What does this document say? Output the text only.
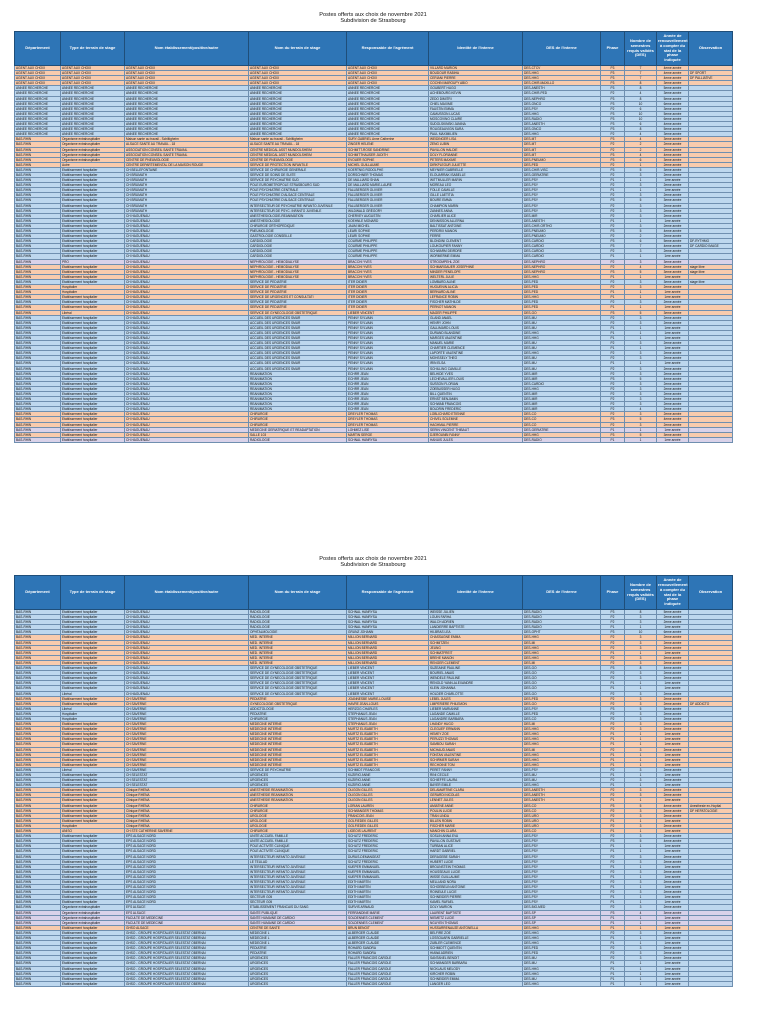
Postes offerts aux choix de novembre 2021
Subdivision de Strasbourg
Département	Type de terrain de stage	Nom établissement/positive/autre	Nom du terrain de stage	Responsable de l'agrément	Identité de l'interne	DES de l'interne	Phase	Nombre de semestres requis validés (DES)	Année de renouvellement à compter du stat de la phase indiquée	Observation
AGENT AUX CHOIX	AGENT AUX CHOIX	AGENT AUX CHOIX	AGENT AUX CHOIX	AGENT AUX CHOIX	VILLARD MARION	DES-CTCV	P3	7	4eme année	
AGENT AUX CHOIX	AGENT AUX CHOIX	AGENT AUX CHOIX	AGENT AUX CHOIX	AGENT AUX CHOIX	BOUDOUR RABIHA	DES-HHG	P3	7	4eme année	DF SPORT
AGENT AUX CHOIX	AGENT AUX CHOIX	AGENT AUX CHOIX	AGENT AUX CHOIX	AGENT AUX CHOIX	CERIANI PIERRE	DES-HHG	P3	7	4eme année	DF PALLIATIVE
AGENT AUX CHOIX	AGENT AUX CHOIX	AGENT AUX CHOIX	AGENT AUX CHOIX	AGENT AUX CHOIX	COCHIN MAROUFY ABIO	DES-CHIR-MAXILLO	P3	8	3eme année	
ANNEE RECHERCHE	ANNEE RECHERCHE	ANNEE RECHERCHE	ANNEE RECHERCHE	ANNEE RECHERCHE	GOUBERT HUGO	DES-ANESTH	P3	8	5eme année	
ANNEE RECHERCHE	ANNEE RECHERCHE	ANNEE RECHERCHE	ANNEE RECHERCHE	ANNEE RECHERCHE	ACHEBOURG KEVIN	DES-CHIR-PED	P2	4	3eme année	
ANNEE RECHERCHE	ANNEE RECHERCHE	ANNEE RECHERCHE	ANNEE RECHERCHE	ANNEE RECHERCHE	ZEDO DIMITRI	DES-NEPHRO	P3	8	5eme année	
ANNEE RECHERCHE	ANNEE RECHERCHE	ANNEE RECHERCHE	ANNEE RECHERCHE	ANNEE RECHERCHE	CHIEL MAXIME	DES-ONCO	P3	10	6eme année	
ANNEE RECHERCHE	ANNEE RECHERCHE	ANNEE RECHERCHE	ANNEE RECHERCHE	ANNEE RECHERCHE	FAUSTIN EMMA	DES-PSY	P2	6	3eme année	
ANNEE RECHERCHE	ANNEE RECHERCHE	ANNEE RECHERCHE	ANNEE RECHERCHE	ANNEE RECHERCHE	CAMUSSON LUCAS	DES-HHG	P3	10	5eme année	
ANNEE RECHERCHE	ANNEE RECHERCHE	ANNEE RECHERCHE	ANNEE RECHERCHE	ANNEE RECHERCHE	MOSCOVINO CLAIRE	DES-RADIO	P3	10	6eme année	
ANNEE RECHERCHE	ANNEE RECHERCHE	ANNEE RECHERCHE	ANNEE RECHERCHE	ANNEE RECHERCHE	SUDOLSKINSKI JANINA	DES-ANESTH	P3	6	4eme année	
ANNEE RECHERCHE	ANNEE RECHERCHE	ANNEE RECHERCHE	ANNEE RECHERCHE	ANNEE RECHERCHE	ROUGEAUVIGN SARA	DES-ONCO	P3	8	5eme année	
ANNEE RECHERCHE	ANNEE RECHERCHE	ANNEE RECHERCHE	ANNEE RECHERCHE	ANNEE RECHERCHE	PAUL MAXIMILIEN	DES-HHG	P2	4	3eme année	
BAS-RHIN	Organisme extrahospitalier	Maison sante au travail - Schiltigheim	Maison sante au travail - Schiltigheim	SURY-GABRIEL Anne Catherine	WEIDINGER LISA	DES-MT	P3	4	3eme année	
BAS-RHIN	Organisme extrahospitalier	ALSACE SANTE AU TRAVAIL - 18	ALSACE SANTE AU TRAVAIL - 18	ZINGER HELENE	ZENG LUBIN	DES-MT	P2	2	2eme année	
BAS-RHIN	Organisme extrahospitalier	ASSOCIATION CONSEIL SANTE TRAVAIL	CENTRE MEDICAL ASST MUNDOLSHEIM	SCHMITT-ROSE SANDRINE	PAVILLON HALDIE	DES-MT	P2	2	2eme année	
BAS-RHIN	Organisme extrahospitalier	ASSOCIATION CONSEIL SANTE TRAVAIL	CENTRE MEDICAL ASST MUNDOLSHEIM	SCHMITTHAUSER JUDITH	DOLY FLORIANNE	DES-MT	P3	4	4eme année	
BAS-RHIN	Organisme extrahospitalier	CENTRE DE PNEUMOLOGIE	CENTRE DE PNEUMOLOGIE	EVOUER SOPHIE	PETERS MAXIME	DES-PNEUMO	P3	6	3eme année	
BAS-RHIN	Autre	CENTRE DEPARTEMENTAL DE LA MAISON ROUGE	SERVICE DE PROTECTION INFANTILE	MICHEL GUILLAUME	DIRKPLEOUR JULIETTE	DES-PED	P2	1	2eme année	
BAS-RHIN	Etablissement hospitalier	CH BELLEFONTAINE	SERVICE DE CHIRURGIE GENERALE	KOERTNIG RODOLPHE	MEYNIER GABRIELLE	DES-CHIR-VISC	P3	5	3eme année	
BAS-RHIN	Etablissement hospitalier	CH BRUMATH	SERVICE DE SOINS DE SUITE	DORSCHNER THOMAS	ELOUARRAK ISABELLE	DES-GERIATRIE	P2	3	2eme année	
BAS-RHIN	Etablissement hospitalier	CH BRUMATH	SERVICE DE PSYCHIATRIE SUD	DE MALLIARD SHAN	WITTMULLER MARIN	DES-PSY	P1	1	1ere année	
BAS-RHIN	Etablissement hospitalier	CH BRUMATH	POLE EUROMETROPOLE STRASBOURG SUD	DE MALLIARD MARIE-LAURE	MOREAU LEO	DES-PSY	P2	3	2eme année	
BAS-RHIN	Etablissement hospitalier	CH BRUMATH	POLE PSYCHIATRIE CENTRALE	FALLBERGER OLIVIER	FOLLE CAMILLE	DES-PSY	P1	1	1ere année	
BAS-RHIN	Etablissement hospitalier	CH BRUMATH	POLE PSYCHIATRIE D'ALSACE CENTRALE	FALLBERGER OLIVIER	GILLE LAETITIA	DES-PSY	P2	3	2eme année	
BAS-RHIN	Etablissement hospitalier	CH BRUMATH	POLE PSYCHIATRIE D'ALSACE CENTRALE	FALLBERGER OLIVIER	BOURE EMMA	DES-PSY	P3	5	3eme année	
BAS-RHIN	Etablissement hospitalier	CH BRUMATH	INTERSECTEUR DE PSYCHIATRIE INFANTO JUVENILE	FALLBERGER OLIVIER	CHAMPION MARIN	DES-PSY	P2	3	2eme année	
BAS-RHIN	Etablissement hospitalier	CH BRUMATH	INTERSECTEUR DE PSYC. INFANTO JUVENILE	WILDWALD GRÉGORY	ZANNES ANNA	DES-PSY	P2	3	2eme année	
BAS-RHIN	Etablissement hospitalier	CH HAGUENAU	ANESTHESIOLOGIE-REANIMATION	CHERVEY AUGUSTIN	CHARLIER ALICE	DES-MIR	P2	3	2eme année	
BAS-RHIN	Etablissement hospitalier	CH HAGUENAU	ANESTHESIOLOGIE	KOEHNLE MONARD	DENNISSON ALLERNA	DES-ANESTH	P1	1	1ere année	
BAS-RHIN	Etablissement hospitalier	CH HAGUENAU	CHIRURGIE ORTHOPEDIQUE	JAUM MICHEL	BALTISSAT ANTOINE	DES-CHIR-ORTHO	P2	3	2eme année	
BAS-RHIN	Etablissement hospitalier	CH HAGUENAU	PNEUMOLOGIE	LEARI SOPHIE	PERDRIX MANON	DES-PNEUMO	P3	5	4eme année	
BAS-RHIN	Etablissement hospitalier	CH HAGUENAU	GASTROLOGIE CONSEILLE	LEARI SOPHIE	FERRE	DES-PNEUMO	P2	2	2eme année	
BAS-RHIN	Etablissement hospitalier	CH HAGUENAU	CARDIOLOGIE	COURME PHILIPPE	BLONDINI CLEMENT	DES-CARDIO	P3	6	5eme année	DF-RYTHMO
BAS-RHIN	Etablissement hospitalier	CH HAGUENAU	CARDIOLOGIE	COURME PHILIPPE	LOUKOUPIER FANNY	DES-CARDIO	P3	7	4eme année	DF CARDIO IMAGE
BAS-RHIN	Etablissement hospitalier	CH HAGUENAU	CARDIOLOGIE	COURME PHILIPPE	SCHWARM DEIRDRE	DES-CARDIO	P2	3	2eme année	
BAS-RHIN	Etablissement hospitalier	CH HAGUENAU	CARDIOLOGIE	COURME PHILIPPE	WORMERME EMMA	DES-CARDIO	P1	1	1ere année	
BAS-RHIN	PRO	CH HAGUENAU	NEPHROLOGIE - HEMODIALYSE	BRACCHI YVES	STROOMPEHL ZOE	DES-NEPHRO	P2	3	3eme année	
BAS-RHIN	Etablissement hospitalier	CH HAGUENAU	NEPHROLOGIE - HEMODIALYSE	BRACCHI YVES	SCHMARGAUER JOSEPHINE	DES-NEPHRO	P2	4	2eme année	stage libre
BAS-RHIN	Etablissement hospitalier	CH HAGUENAU	NEPHROLOGIE - HEMODIALYSE	BRACCHI YVES	MINDER PENELOPE	DES-NEPHRO	P3	5	3eme année	stage libre
BAS-RHIN	Etablissement hospitalier	CH HAGUENAU	NEPHROLOGIE - HEMODIALYSE	BRACCHI YVES	WELTERL JULIE	DES-HHG	P1	1	1ere année	
BAS-RHIN	Etablissement hospitalier	CH HAGUENAU	SERVICE DE PEDIATRIE	ITER DIDIER	LOMBARD ALINE	DES-PED	P2	3	3eme année	stage libre
BAS-RHIN	Hospitalier	CH HAGUENAU	SERVICE DE PEDIATRIE	ITER DIDIER	HUGUENIN ALICIA	DES-PED	P2	3	2eme année	
BAS-RHIN	Hospitalier	CH HAGUENAU	SERVICE DE PEDIATRIE	ITER DIDIER	BERNARD ALINE	DES-PED	P1	1	1ere année	
BAS-RHIN	Etablissement hospitalier	CH HAGUENAU	SERVICE DE URGENCES ET CONSULTATI	ITER DIDIER	LEFRANCE ROBIN	DES-HHG	P1	1	1ere année	
BAS-RHIN	Etablissement hospitalier	CH HAGUENAU	SERVICE DE PEDIATRIE	ITER DIDIER	FISCHER MATHILDE	DES-PED	P2	3	2eme année	
BAS-RHIN	Etablissement hospitalier	CH HAGUENAU	SERVICE DE PEDIATRIE	ITER DIDIER	PERNOT MANON	DES-PED	P1	1	1ere année	
BAS-RHIN	Libéral	CH HAGUENAU	SERVICE DE GYNECOLOGIE OBSTETRIQUE	LIEBER VINCENT	MAGER PHILIPPE	DES-GO	P3	5	3eme année	
BAS-RHIN	Etablissement hospitalier	CH HAGUENAU	ACCUEIL DES URGENCES SMUR	PENNY SYLVAIN	GLAND ANAEL	DES-MU	P2	3	2eme année	
BAS-RHIN	Etablissement hospitalier	CH HAGUENAU	ACCUEIL DES URGENCES SMUR	PENNY SYLVAIN	HENRY JOHN	DES-MU	P2	3	2eme année	
BAS-RHIN	Etablissement hospitalier	CH HAGUENAU	ACCUEIL DES URGENCES SMUR	PENNY SYLVAIN	GALLIMARD LOUIS	DES-MU	P1	1	1ere année	
BAS-RHIN	Etablissement hospitalier	CH HAGUENAU	ACCUEIL DES URGENCES SMUR	PENNY SYLVAIN	DURAND BLANDINE	DES-HHG	P1	1	1ere année	
BAS-RHIN	Etablissement hospitalier	CH HAGUENAU	ACCUEIL DES URGENCES SMUR	PENNY SYLVAIN	MARGES VALENTINE	DES-HHG	P1	1	1ere année	
BAS-RHIN	Etablissement hospitalier	CH HAGUENAU	ACCUEIL DES URGENCES SMUR	PENNY SYLVAIN	MANUEL MARIE	DES-MU	P2	3	2eme année	
BAS-RHIN	Etablissement hospitalier	CH HAGUENAU	ACCUEIL DES URGENCES SMUR	PENNY SYLVAIN	CHARTIER CLEMENCE	DES-MU	P1	1	1ere année	
BAS-RHIN	Etablissement hospitalier	CH HAGUENAU	ACCUEIL DES URGENCES SMUR	PENNY SYLVAIN	LAPORTE VALENTINE	DES-HHG	P2	3	2eme année	
BAS-RHIN	Etablissement hospitalier	CH HAGUENAU	ACCUEIL DES URGENCES SMUR	PENNY SYLVAIN	MOHSSELY THEO	DES-MU	P2	3	2eme année	
BAS-RHIN	Etablissement hospitalier	CH HAGUENAU	ACCUEIL DES URGENCES SMUR	PENNY SYLVAIN	IRIN ELSA	DES-MU	P1	1	1ere année	
BAS-RHIN	Etablissement hospitalier	CH HAGUENAU	ACCUEIL DES URGENCES SMUR	PENNY SYLVAIN	SCHILLING CAMILLE	DES-MU	P2	3	2eme année	
BAS-RHIN	Etablissement hospitalier	CH HAGUENAU	REANIMATION	ECHRR JEAN	BELHIDE YVES	DES-MIR	P2	3	2eme année	
BAS-RHIN	Etablissement hospitalier	CH HAGUENAU	REANIMATION	ECHRR JEAN	LECHEVALLIER LOUIS	DES-MIR	P3	5	4eme année	
BAS-RHIN	Etablissement hospitalier	CH HAGUENAU	REANIMATION	ECHRR JEAN	SUSSON FLORIAN	DES-CARDIO	P2	3	2eme année	
BAS-RHIN	Etablissement hospitalier	CH HAGUENAU	REANIMATION	ECHRR JEAN	ZOEBUSSER HUGO	DES-HHG	P2	3	2eme année	
BAS-RHIN	Etablissement hospitalier	CH HAGUENAU	REANIMATION	ECHRR JEAN	BILL QUENTIN	DES-MIR	P2	3	2eme année	
BAS-RHIN	Etablissement hospitalier	CH HAGUENAU	REANIMATION	ECHRR JEAN	ERNST BENJAMIN	DES-MIR	P2	3	2eme année	
BAS-RHIN	Etablissement hospitalier	CH HAGUENAU	REANIMATION	ECHRR JEAN	SCHWAB FRANCOIS	DES-MIR	P2	3	2eme année	
BAS-RHIN	Etablissement hospitalier	CH HAGUENAU	REANIMATION	ECHRR JEAN	BOLDRIN FREDERIC	DES-MIR	P2	4	2eme année	
BAS-RHIN	Etablissement hospitalier	CH HAGUENAU	CHIRURGIE	DREYLER THOMAS	LOBLICHARD ETIENNE	DES-CO	P2	3	2eme année	
BAS-RHIN	Etablissement hospitalier	CH HAGUENAU	CHIRURGIE	DREYLER THOMAS	CHIVEL SOLEMNE	DES-CO	P3	5	4eme année	
BAS-RHIN	Etablissement hospitalier	CH HAGUENAU	CHIRURGIE	DREYLER THOMAS	HAGHMAL PIERRE	DES-CO	P2	3	2eme année	
BAS-RHIN	Etablissement hospitalier	CH HAGUENAU	MEDECINE GERIATRIQUE ET READAPTATION	LOHMEZ LISE	SERIN VINCENT THIBAUT	DES-GERIATRIE	P1	1	1ere année	
BAS-RHIN	Etablissement hospitalier	CH HAGUENAU	SALLE 103	MARTIN SERGE	DJEROUNBI FANNY	DES-HHG	P3	5	3eme année	
BAS-RHIN	Etablissement hospitalier	CH HAGUENAU	RADIOLOGIE	SCHNAL HANRYSA	HANUIS JULES	DES-RADIO	P1	1	1ere année	
Postes offerts aux choix de novembre 2021
Subdivision de Strasbourg
Département	Type de terrain de stage	Nom établissement/positive/autre	Nom du terrain de stage	Responsable de l'agrément	Identité de l'interne	DES de l'interne	Phase	Nombre de semestres requis validés (DES)	Année de renouvellement à compter du stat de la phase indiquée	Observation
BAS-RHIN	Etablissement hospitalier	CH HAGUENAU	RADIOLOGIE	SCHNAL HANRYSA	WEISSE JULIEN	DES-RADIO	P3	8	5eme année	
BAS-RHIN	Etablissement hospitalier	CH HAGUENAU	RADIOLOGIE	SCHNAL HANRYSA	LOUIN FARHA	DES-RADIO	P2	3	2eme année	
BAS-RHIN	Etablissement hospitalier	CH HAGUENAU	RADIOLOGIE	SCHNAL HANRYSA	WALCH ADRIEN	DES-RADIO	P2	3	2eme année	
BAS-RHIN	Etablissement hospitalier	CH HAGUENAU	RADIOLOGIE	SCHNAL HANRYSA	LANDIERRE BAPTISTE	DES-RADIO	P1	1	1ere année	
BAS-RHIN	Etablissement hospitalier	CH HAGUENAU	OPHTALMOLOGIE	GRUNZ JOHANN	HILBRAS LEA	DES-OPHT	P3	10	6eme année	
BAS-RHIN	Etablissement hospitalier	CH HAGUENAU	MED. INTERNE	MILLION BERNARD	CHASSAGNE EMMA	DES-HHG	P2	3	2eme année	
BAS-RHIN	Etablissement hospitalier	CH HAGUENAU	MED. INTERNE	MILLION BERNARD	SCHMITZEN	DES-MI	P2	3	2eme année	
BAS-RHIN	Etablissement hospitalier	CH HAGUENAU	MED. INTERNE	MILLION BERNARD	JEUNG	DES-HHG	P2	3	2eme année	
BAS-RHIN	Etablissement hospitalier	CH HAGUENAU	MED. INTERNE	MILLION BERNARD	SCHMATFREIT	DES-HHG	P1	1	1ere année	
BAS-RHIN	Etablissement hospitalier	CH HAGUENAU	MED. INTERNE	MILLION BERNARD	BREHE MANON	DES-HHG	P2	3	2eme année	
BAS-RHIN	Etablissement hospitalier	CH HAGUENAU	MED. INTERNE	MILLION BERNARD	RENGER CLEMENT	DES-MI	P2	3	2eme année	
BAS-RHIN	Etablissement hospitalier	CH HAGUENAU	SERVICE DE GYNECOLOGIE OBSTETRIQUE	LIEBER VINCENT	SUZEAINE PAULINE	DES-GO	P3	8	4eme année	
BAS-RHIN	Etablissement hospitalier	CH HAGUENAU	SERVICE DE GYNECOLOGIE OBSTETRIQUE	LIEBER VINCENT	BOURIEL ANAIS	DES-GO	P2	3	2eme année	
BAS-RHIN	Etablissement hospitalier	CH HAGUENAU	SERVICE DE GYNECOLOGIE OBSTETRIQUE	LIEBER VINCENT	WENDELE PAULINE	DES-GO	P2	3	2eme année	
BAS-RHIN	Etablissement hospitalier	CH HAGUENAU	SERVICE DE GYNECOLOGIE OBSTETRIQUE	LIEBER VINCENT	RENOLD YANN-ALEXANDRE	DES-GO	P1	1	1ere année	
BAS-RHIN	Etablissement hospitalier	CH HAGUENAU	SERVICE DE GYNECOLOGIE OBSTETRIQUE	LIEBER VINCENT	KLEIN JOHANNA	DES-GO	P1	1	1ere année	
BAS-RHIN	Libéral	CH HAGUENAU	SERVICE DE GYNECOLOGIE OBSTETRIQUE	LIEBER VINCENT	HOLDER CHARLOTTE	DES-GO	P2	3	2eme année	
BAS-RHIN	Etablissement hospitalier	CH SAVERNE	PEDIATRIE	JOANNESBE MARIE-LOUISE	LEBEL JULES	DES-PED	P2	3	2eme année	
BAS-RHIN	Etablissement hospitalier	CH SAVERNE	GYNECOLOGIE OBSTETRIQUE	HAVRE JEAN-LOUIS	LIMPERIERE PHILEMON	DES-GO	P2	3	2eme année	DF ADDICTO
BAS-RHIN	Libéral	CH SAVERNE	ADDICTOLOGIE	HERZOG CHARLES	LIEBER MARIANNE	DES-PSY	P3	5	3eme année	
BAS-RHIN	Hospitalier	CH SAVERNE	PEDIATRIE	STEPHANUS JEAN	LAGANDE CAMILLE	DES-PED	P2	3	2eme année	
BAS-RHIN	Hospitalier	CH SAVERNE	CHIRURGIE	STEPHANUS JEAN	LAGANDRE BARBARA	DES-CO	P2	3	2eme année	
BAS-RHIN	Etablissement hospitalier	CH SAVERNE	MEDECINE INTERNE	STEPHANUS JEAN	LHANDY HUGO	DES-MI	P2	3	2eme année	
BAS-RHIN	Etablissement hospitalier	CH SAVERNE	MEDECINE INTERNE	MURTZ ELISABETH	CLEGUEF ERWANN	DES-HHG	P2	3	2eme année	
BAS-RHIN	Etablissement hospitalier	CH SAVERNE	MEDECINE INTERNE	MURTZ ELISABETH	HEMEY ZOE	DES-HHG	P1	1	1ere année	
BAS-RHIN	Etablissement hospitalier	CH SAVERNE	MEDECINE INTERNE	MURTZ ELISABETH	PERUZZI THOMAS	DES-HHG	P1	1	1ere année	
BAS-RHIN	Etablissement hospitalier	CH SAVERNE	MEDECINE INTERNE	MURTZ ELISABETH	SAMBOU SARAH	DES-HHG	P1	1	1ere année	
BAS-RHIN	Etablissement hospitalier	CH SAVERNE	MEDECINE INTERNE	MURTZ ELISABETH	MICHAUD ANAIS	DES-MI	P2	3	2eme année	
BAS-RHIN	Etablissement hospitalier	CH SAVERNE	MEDECINE INTERNE	MURTZ ELISABETH	FONTAN VALENTINE	DES-HHG	P1	1	1ere année	
BAS-RHIN	Etablissement hospitalier	CH SAVERNE	MEDECINE INTERNE	MURTZ ELISABETH	SCHIRMER SARAH	DES-HHG	P1	1	1ere année	
BAS-RHIN	Etablissement hospitalier	CH SAVERNE	MEDECINE INTERNE	MURTZ ELISABETH	RECHOINE TOM	DES-HHG	P1	1	1ere année	
BAS-RHIN	Libéral	CH SAVERNE	SERVICE DE PSYCHIATRIE	SCHMIDT FRANCOIS	PERET FANNY	DES-PSY	P2	3	2eme année	
BAS-RHIN	Etablissement hospitalier	CH SELESTAT	URGENCES	KUZIRIO ANNE	RINI CECILE	DES-MU	P1	1	1ere année	
BAS-RHIN	Etablissement hospitalier	CH SELESTAT	URGENCES	KUZIRIO ANNE	SCHIEFFE LAURA	DES-MU	P2	3	2eme année	
BAS-RHIN	Etablissement hospitalier	CH SELESTAT	URGENCES	KUZIRIO ANNE	BAYER EMILE	DES-HHG	P1	1	1ere année	
BAS-RHIN	Etablissement hospitalier	Clinique RHENA	ANESTHESIE REANIMATION	OLIGON GILLES	DELAMARTINE CLARA	DES-ANESTH	P2	3	2eme année	
BAS-RHIN	Etablissement hospitalier	Clinique RHENA	ANESTHESIE REANIMATION	OLIGON GILLES	GERARDI NICOLAS	DES-ANESTH	P2	3	2eme année	
BAS-RHIN	Etablissement hospitalier	Clinique RHENA	ANESTHESIE REANIMATION	OLIGON GILLES	LENNET JULES	DES-ANESTH	P1	1	1ere année	
BAS-RHIN	Etablissement hospitalier	Clinique RHENA	CHIRURGIE	LORIAN LAUREN	AMIATNE ANNE	DES-CO	P3	5	4eme année	Anesthesie ex-Hopital
BAS-RHIN	Etablissement hospitalier	Clinique RHENA	CHIRURGIE	SCHWANGER THOMAS	POULIN LUCIE	DES-CO	P2	3	2eme année	DF HEPATOLOGIE
BAS-RHIN	Etablissement hospitalier	Clinique RHENA	UROLOGIE	FRANCOIS JEAN	TRAN LINDA	DES-URO	P2	3	2eme année	
BAS-RHIN	Etablissement hospitalier	Clinique RHENA	UROLOGIE	GOLFIEDEK GILLES	BILLEN ROBIN	DES-URO	P1	1	1ere année	
BAS-RHIN	Hospitalier	Clinique RHENA	UROLOGIE	GOLFIEDEK GILLES	FISCHER MARIE	DES-URO	P2	3	2eme année	
BAS-RHIN	ANISO	CH STE CATHERINE SAVERNE	CHIRURGIE	LIGEOIS LAURENT	MANCHIN CLARA	DES-CO	P1	1	1ere année	
BAS-RHIN	Etablissement hospitalier	EPS ALSACE NORD	UNITE ACCUEIL FAMILLE	SCHUTZ FREDERIC	SOSLIN ANNA EVA	DES-PSY	P2	3	2eme année	
BAS-RHIN	Etablissement hospitalier	EPS ALSACE NORD	UNITE ACCUEIL FAMILLE	SCHUTZ FREDERIC	PAVILLON GUSTAVE	DES-PSY	P3	5	4eme année	
BAS-RHIN	Etablissement hospitalier	EPS ALSACE NORD	POLE ACTIVITE CLINIQUE	SCHUTZ FREDERIC	TURBAN ALICE	DES-PSY	P1	1	1ere année	
BAS-RHIN	Etablissement hospitalier	EPS ALSACE NORD	POLE ACTIVITE CLINIQUE	SCHUTZ FREDERIC	HARDT GABRIEL	DES-PSY	P1	1	1ere année	
BAS-RHIN	Etablissement hospitalier	EPS ALSACE NORD	INTERSECTEUR INFANTO JUVENILE	DURUS-DEMANGEAT	DERAGEBE SARAH	DES-PSY	P2	3	2eme année	
BAS-RHIN	Etablissement hospitalier	EPS ALSACE NORD	LE TEULAD	SCHUTZ FREDERIC	HUBERT LUCIE	DES-PSY	P2	3	2eme année	
BAS-RHIN	Etablissement hospitalier	EPS ALSACE NORD	INTERSECTEUR INFANTO JUVENILE	KUEPER EMMANUEL	BROUNSTEIN THOMAS	DES-PSY	P1	1	1ere année	
BAS-RHIN	Etablissement hospitalier	EPS ALSACE NORD	INTERSECTEUR INFANTO JUVENILE	KUEPER EMMANUEL	HOUSSEAUX LUCIE	DES-PSY	P2	3	2eme année	
BAS-RHIN	Etablissement hospitalier	EPS ALSACE NORD	INTERSECTEUR INFANTO JUVENILE	KUEPER EMMANUEL	WISSE GUILLAUME	DES-PSY	P1	1	1ere année	
BAS-RHIN	Etablissement hospitalier	EPS ALSACE NORD	INTERSECTEUR INFANTO JUVENILE	EDITH MARTIN	MELLIAND NORA	DES-PSY	P2	3	2eme année	
BAS-RHIN	Etablissement hospitalier	EPS ALSACE NORD	INTERSECTEUR INFANTO JUVENILE	EDITH MARTIN	SCHOEBELIN ANTOINE	DES-PSY	P1	1	1ere année	
BAS-RHIN	Etablissement hospitalier	EPS ALSACE NORD	INTERSECTEUR INFANTO JUVENILE	EDITH MARTIN	ROINEULE LUCIE	DES-PSY	P2	3	2eme année	
BAS-RHIN	Etablissement hospitalier	EPS ALSACE NORD	SECTEUR G05	EDITH MARTIN	SCHNEIDER PIERRE	DES-PSY	P1	1	1ere année	
BAS-RHIN	Etablissement hospitalier	EPS ALSACE NORD	SECTEUR G05	EDITH MARTIN	KAMEL RAFAEL	DES-PSY	P1	1	1ere année	
BAS-RHIN	Organisme extrahospitalier	EFS ALSACE	ETABLISSEMENT FRANCAIS DU SANG	SURVIS ARNAUD	DOLY MARION	DES-BIO-MED	P2	3	2eme année	
BAS-RHIN	Organisme extrahospitalier	EFS ALSACE	SANTE PUBLIQUE	FERRANDINE MARIE	LAURENT BAPTISTE	DES-SP	P3	4	3eme année	
BAS-RHIN	Organisme extrahospitalier	FACULTE DE MEDECINE	SANTE HUMAINE DE CARDIO	SOLDENNES CLEMENT	NIEMETZ LUCIE	DES-SP	P1	1	1ere année	
BAS-RHIN	Organisme extrahospitalier	FACULTE DE MEDECINE	SANTE HUMAINE DE CARDIO	SOLDENNES CLEMENT	NGUYEN THOMAS	DES-SP	P1	1	1ere année	
BAS-RHIN	Etablissement hospitalier	GHSO ALSACE	CENTRE DE SANTE	BRUN BENOIT	HUSSARRENAUZE ANTONELLA	DES-HHG	P1	1	1ere année	
BAS-RHIN	Etablissement hospitalier	GHSO - GROUPE HOSPITALIER SELESTAT OBERNAI	MEDECINE L	ALBERGER CLAUDE	BELFIRE ZOE	DES-HHG	P2	3	2eme année	
BAS-RHIN	Etablissement hospitalier	GHSO - GROUPE HOSPITALIER SELESTAT OBERNAI	MEDECINE L	ALBERGER CLAUDE	LOSSOUARN GABRIELLE	DES-HHG	P1	1	1ere année	
BAS-RHIN	Etablissement hospitalier	GHSO - GROUPE HOSPITALIER SELESTAT OBERNAI	MEDECINE L	ALBERGER CLAUDE	ZUBLER CLEMENCE	DES-HHG	P1	1	1ere année	
BAS-RHIN	Etablissement hospitalier	GHSO - GROUPE HOSPITALIER SELESTAT OBERNAI	PEDIATRIE	ROHARD SANDRA	SCHMIDTT QUENTIN	DES-PED	P2	3	2eme année	
BAS-RHIN	Etablissement hospitalier	GHSO - GROUPE HOSPITALIER SELESTAT OBERNAI	PEDIATRIE	ROHARD SANDRA	HIAWA ADRIEN	DES-PED	P2	3	2eme année	
BAS-RHIN	Etablissement hospitalier	GHSO - GROUPE HOSPITALIER SELESTAT OBERNAI	URGENCES	FALLER FRANCOIS CAROLE	SANTANEL BENOIT	DES-MU	P2	3	2eme année	
BAS-RHIN	Etablissement hospitalier	GHSO - GROUPE HOSPITALIER SELESTAT OBERNAI	URGENCES	FALLER FRANCOIS CAROLE	SCHWANGER BARBARA	DES-MU	P1	1	1ere année	
BAS-RHIN	Etablissement hospitalier	GHSO - GROUPE HOSPITALIER SELESTAT OBERNAI	URGENCES	FALLER FRANCOIS CAROLE	NICKLAUS MELODY	DES-HHG	P1	1	1ere année	
BAS-RHIN	Etablissement hospitalier	GHSO - GROUPE HOSPITALIER SELESTAT OBERNAI	URGENCES	FALLER FRANCOIS CAROLE	KIRCHER ROBIN	DES-HHG	P1	1	1ere année	
BAS-RHIN	Etablissement hospitalier	GHSO - GROUPE HOSPITALIER SELESTAT OBERNAI	URGENCES	FALLER FRANCOIS CAROLE	SCHNEIDER EMMA	DES-MU	P1	1	1ere année	
BAS-RHIN	Etablissement hospitalier	GHSO - GROUPE HOSPITALIER SELESTAT OBERNAI	URGENCES	FALLER FRANCOIS CAROLE	LANGER LEO	DES-HHG	P1	1	1ere année	
